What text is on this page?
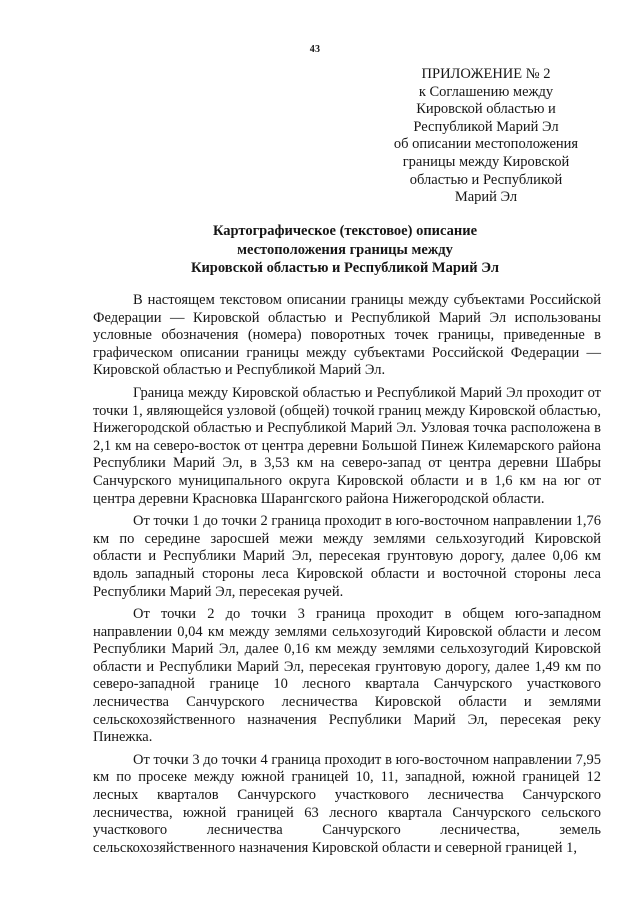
43
ПРИЛОЖЕНИЕ № 2
к Соглашению между
Кировской областью и
Республикой Марий Эл
об описании местоположения
границы между Кировской
областью и Республикой
Марий Эл
Картографическое (текстовое) описание
местоположения границы между
Кировской областью и Республикой Марий Эл

В настоящем текстовом описании границы между субъектами Российской Федерации — Кировской областью и Республикой Марий Эл использованы условные обозначения (номера) поворотных точек границы, приведенные в графическом описании границы между субъектами Российской Федерации — Кировской областью и Республикой Марий Эл.

Граница между Кировской областью и Республикой Марий Эл проходит от точки 1, являющейся узловой (общей) точкой границ между Кировской областью, Нижегородской областью и Республикой Марий Эл. Узловая точка расположена в 2,1 км на северо-восток от центра деревни Большой Пинеж Килемарского района Республики Марий Эл, в 3,53 км на северо-запад от центра деревни Шабры Санчурского муниципального округа Кировской области и в 1,6 км на юг от центра деревни Красновка Шарангского района Нижегородской области.

От точки 1 до точки 2 граница проходит в юго-восточном направлении 1,76 км по середине заросшей межи между землями сельхозугодий Кировской области и Республики Марий Эл, пересекая грунтовую дорогу, далее 0,06 км вдоль западный стороны леса Кировской области и восточной стороны леса Республики Марий Эл, пересекая ручей.

От точки 2 до точки 3 граница проходит в общем юго-западном направлении 0,04 км между землями сельхозугодий Кировской области и лесом Республики Марий Эл, далее 0,16 км между землями сельхозугодий Кировской области и Республики Марий Эл, пересекая грунтовую дорогу, далее 1,49 км по северо-западной границе 10 лесного квартала Санчурского участкового лесничества Санчурского лесничества Кировской области и землями сельскохозяйственного назначения Республики Марий Эл, пересекая реку Пинежка.

От точки 3 до точки 4 граница проходит в юго-восточном направлении 7,95 км по просеке между южной границей 10, 11, западной, южной границей 12 лесных кварталов Санчурского участкового лесничества Санчурского лесничества, южной границей 63 лесного квартала Санчурского сельского участкового лесничества Санчурского лесничества, земель сельскохозяйственного назначения Кировской области и северной границей 1,
